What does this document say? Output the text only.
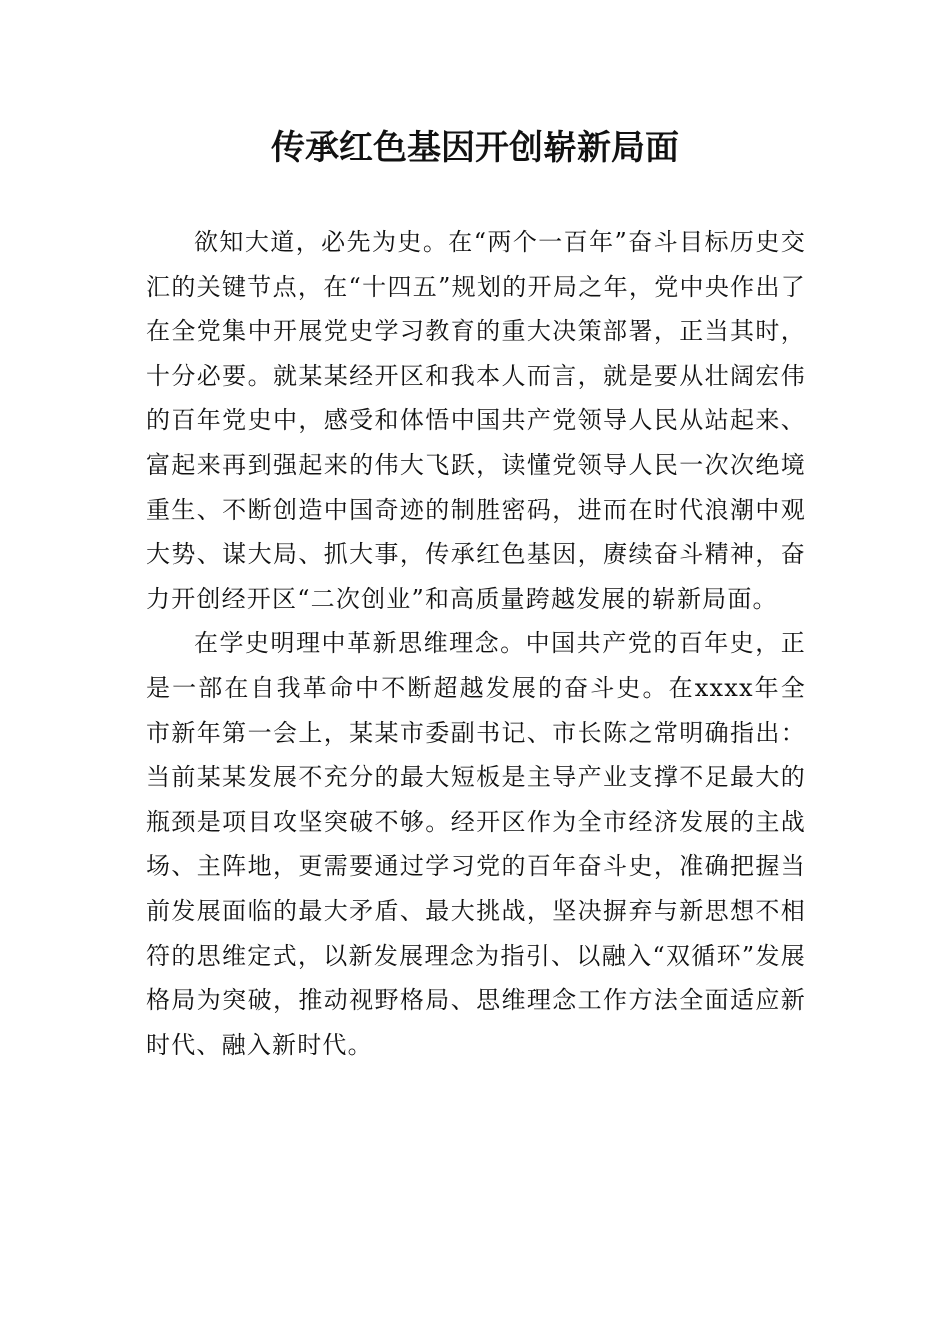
传承红色基因开创崭新局面

欲知大道，必先为史。在“两个一百年”奋斗目标历史交汇的关键节点，在“十四五”规划的开局之年，党中央作出了在全党集中开展党史学习教育的重大决策部署，正当其时，十分必要。就某某经开区和我本人而言，就是要从壮阔宏伟的百年党史中，感受和体悟中国共产党领导人民从站起来、富起来再到强起来的伟大飞跃，读懂党领导人民一次次绝境重生、不断创造中国奇迹的制胜密码，进而在时代浪潮中观大势、谋大局、抓大事，传承红色基因，赓续奋斗精神，奋力开创经开区“二次创业”和高质量跨越发展的崭新局面。

在学史明理中革新思维理念。中国共产党的百年史，正是一部在自我革命中不断超越发展的奋斗史。在xxxx年全市新年第一会上，某某市委副书记、市长陈之常明确指出：当前某某发展不充分的最大短板是主导产业支撑不足最大的瓶颈是项目攻坚突破不够。经开区作为全市经济发展的主战场、主阵地，更需要通过学习党的百年奋斗史，准确把握当前发展面临的最大矛盾、最大挑战，坚决摒弃与新思想不相符的思维定式，以新发展理念为指引、以融入“双循环”发展格局为突破，推动视野格局、思维理念工作方法全面适应新时代、融入新时代。
